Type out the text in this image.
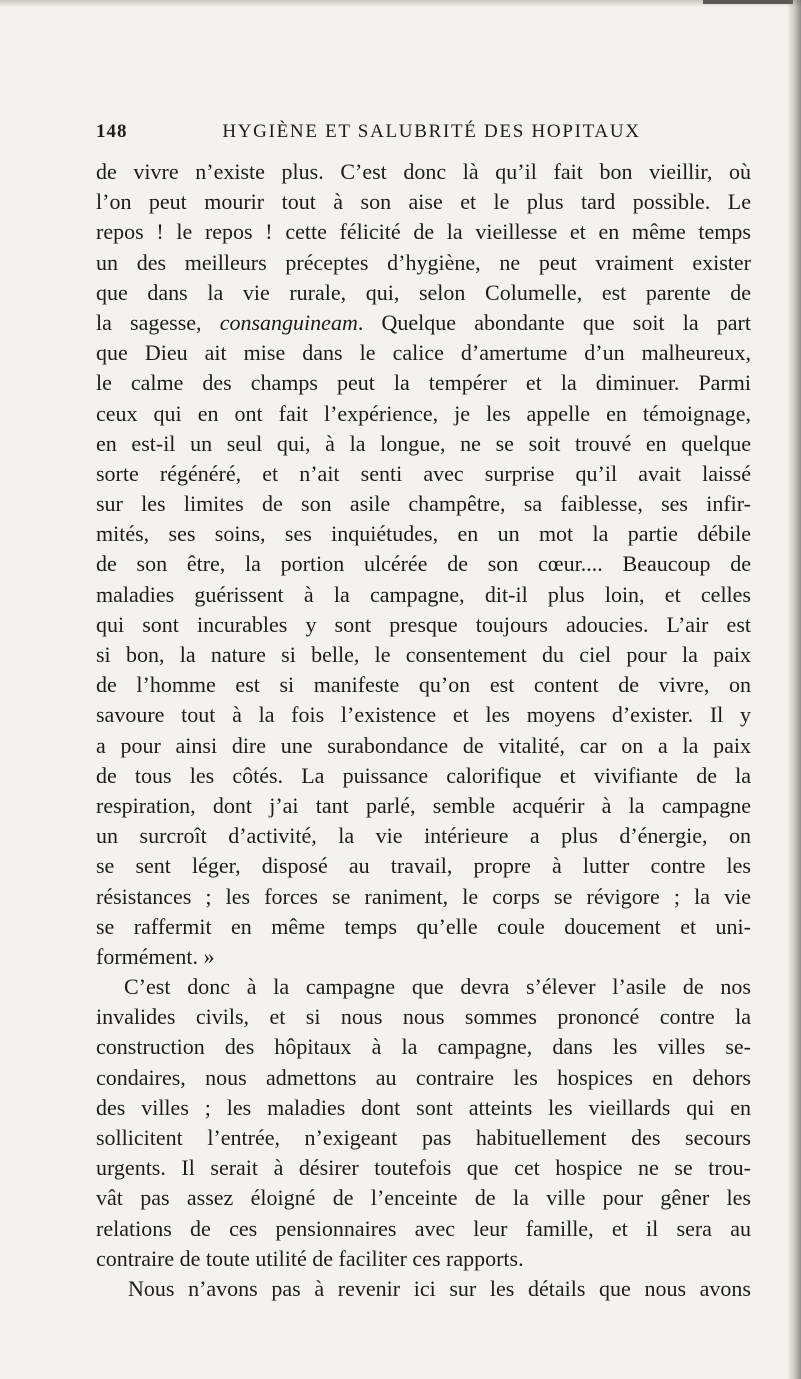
148	HYGIÈNE ET SALUBRITÉ DES HOPITAUX
de vivre n’existe plus. C’est donc là qu’il fait bon vieillir, où
l’on peut mourir tout à son aise et le plus tard possible. Le
repos ! le repos ! cette félicité de la vieillesse et en même temps
un des meilleurs préceptes d’hygiène, ne peut vraiment exister
que dans la vie rurale, qui, selon Columelle, est parente de
la sagesse, consanguineam. Quelque abondante que soit la part
que Dieu ait mise dans le calice d’amertume d’un malheureux,
le calme des champs peut la tempérer et la diminuer. Parmi
ceux qui en ont fait l’expérience, je les appelle en témoignage,
en est-il un seul qui, à la longue, ne se soit trouvé en quelque
sorte régénéré, et n’ait senti avec surprise qu’il avait laissé
sur les limites de son asile champêtre, sa faiblesse, ses infir-
mités, ses soins, ses inquiétudes, en un mot la partie débile
de son être, la portion ulcérée de son cœur.... Beaucoup de
maladies guérissent à la campagne, dit-il plus loin, et celles
qui sont incurables y sont presque toujours adoucies. L’air est
si bon, la nature si belle, le consentement du ciel pour la paix
de l’homme est si manifeste qu’on est content de vivre, on
savoure tout à la fois l’existence et les moyens d’exister. Il y
a pour ainsi dire une surabondance de vitalité, car on a la paix
de tous les côtés. La puissance calorifique et vivifiante de la
respiration, dont j’ai tant parlé, semble acquérir à la campagne
un surcroît d’activité, la vie intérieure a plus d’énergie, on
se sent léger, disposé au travail, propre à lutter contre les
résistances ; les forces se raniment, le corps se révigore ; la vie
se raffermit en même temps qu’elle coule doucement et uni-
formément. »
C’est donc à la campagne que devra s’élever l’asile de nos
invalides civils, et si nous nous sommes prononcé contre la
construction des hôpitaux à la campagne, dans les villes se-
condaires, nous admettons au contraire les hospices en dehors
des villes ; les maladies dont sont atteints les vieillards qui en
sollicitent l’entrée, n’exigeant pas habituellement des secours
urgents. Il serait à désirer toutefois que cet hospice ne se trou-
vât pas assez éloigné de l’enceinte de la ville pour gêner les
relations de ces pensionnaires avec leur famille, et il sera au
contraire de toute utilité de faciliter ces rapports.
Nous n’avons pas à revenir ici sur les détails que nous avons
